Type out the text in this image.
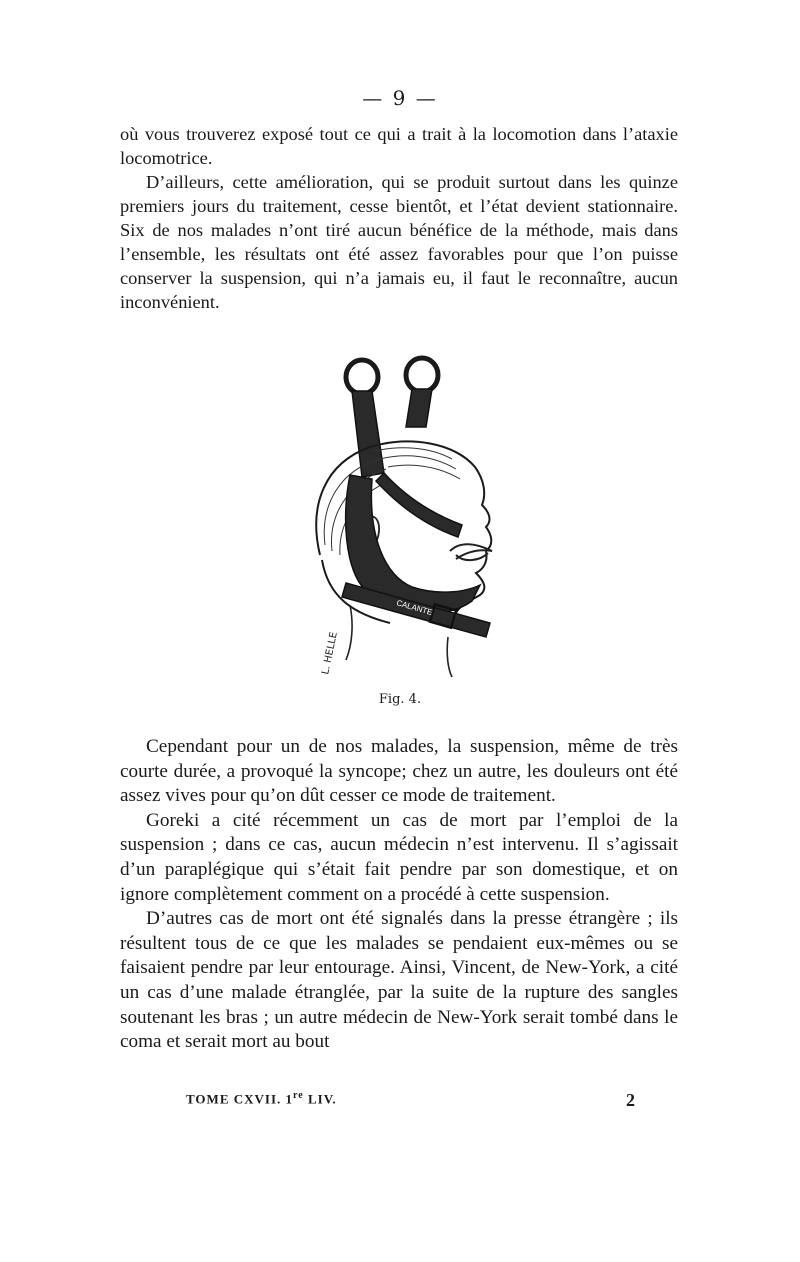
— 9 —

où vous trouverez exposé tout ce qui a trait à la locomotion dans l’ataxie locomotrice.

D’ailleurs, cette amélioration, qui se produit surtout dans les quinze premiers jours du traitement, cesse bientôt, et l’état devient stationnaire. Six de nos malades n’ont tiré aucun bénéfice de la méthode, mais dans l’ensemble, les résultats ont été assez favorables pour que l’on puisse conserver la suspension, qui n’a jamais eu, il faut le reconnaître, aucun inconvénient.

CALANTE
L. HELLE
Fig. 4.

Cependant pour un de nos malades, la suspension, même de très courte durée, a provoqué la syncope; chez un autre, les douleurs ont été assez vives pour qu’on dût cesser ce mode de traitement.

Goreki a cité récemment un cas de mort par l’emploi de la suspension ; dans ce cas, aucun médecin n’est intervenu. Il s’agissait d’un paraplégique qui s’était fait pendre par son domestique, et on ignore complètement comment on a procédé à cette suspension.

D’autres cas de mort ont été signalés dans la presse étrangère ; ils résultent tous de ce que les malades se pendaient eux-mêmes ou se faisaient pendre par leur entourage. Ainsi, Vincent, de New-York, a cité un cas d’une malade étranglée, par la suite de la rupture des sangles soutenant les bras ; un autre médecin de New-York serait tombé dans le coma et serait mort au bout

TOME CXVII. 1re LIV.	2
